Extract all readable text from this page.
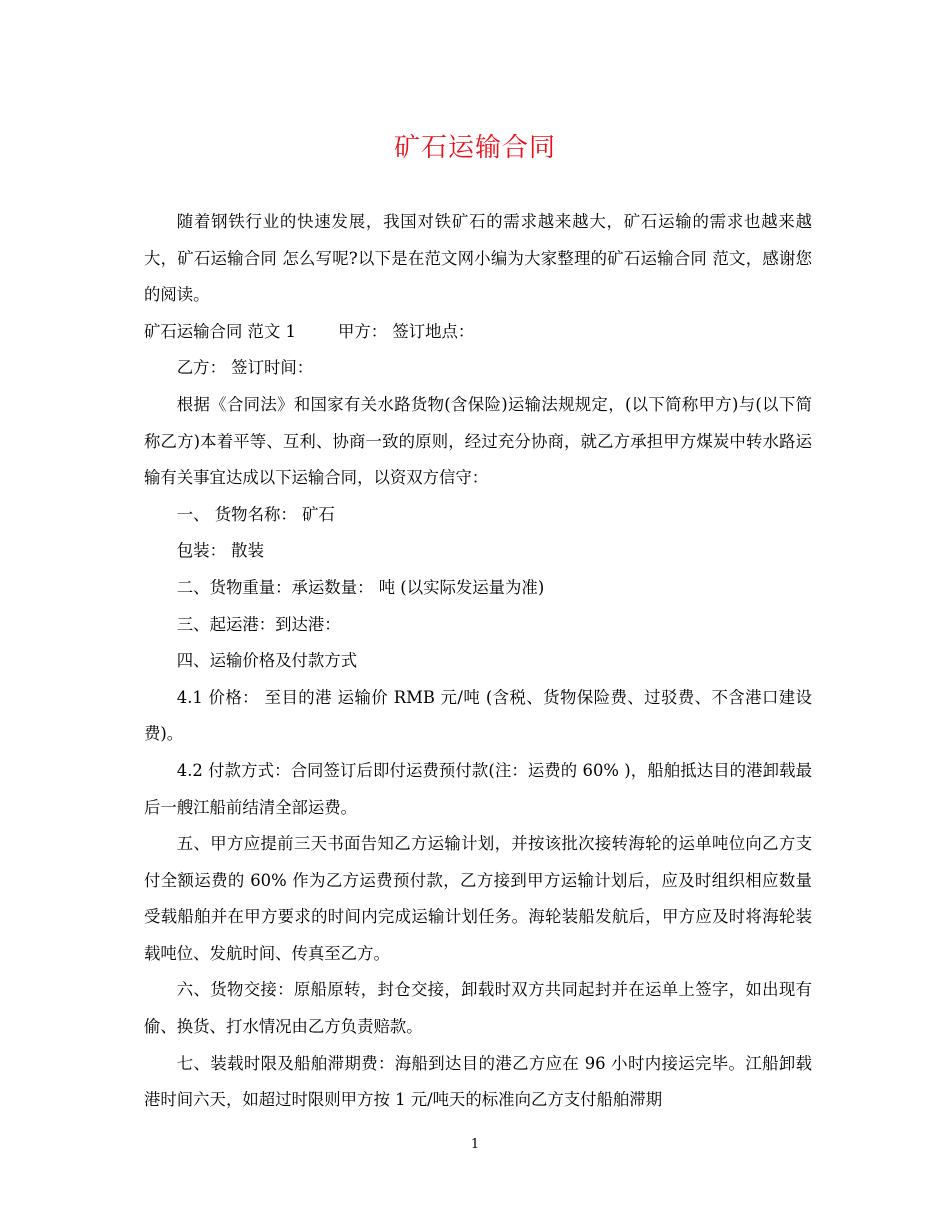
矿石运输合同

随着钢铁行业的快速发展，我国对铁矿石的需求越来越大，矿石运输的需求也越来越大，矿石运输合同 怎么写呢?以下是在范文网小编为大家整理的矿石运输合同 范文，感谢您的阅读。

矿石运输合同 范文 1	甲方： 签订地点：

乙方： 签订时间：

根据《合同法》和国家有关水路货物(含保险)运输法规规定，(以下简称甲方)与(以下简称乙方)本着平等、互利、协商一致的原则，经过充分协商，就乙方承担甲方煤炭中转水路运输有关事宜达成以下运输合同，以资双方信守：

一、 货物名称： 矿石

包装： 散装

二、货物重量：承运数量： 吨 (以实际发运量为准)

三、起运港：到达港：

四、运输价格及付款方式

4.1 价格： 至目的港 运输价 RMB 元/吨 (含税、货物保险费、过驳费、不含港口建设费)。

4.2 付款方式：合同签订后即付运费预付款(注：运费的 60% )，船舶抵达目的港卸载最后一艘江船前结清全部运费。

五、甲方应提前三天书面告知乙方运输计划，并按该批次接转海轮的运单吨位向乙方支付全额运费的 60% 作为乙方运费预付款，乙方接到甲方运输计划后，应及时组织相应数量受载船舶并在甲方要求的时间内完成运输计划任务。海轮装船发航后，甲方应及时将海轮装载吨位、发航时间、传真至乙方。

六、货物交接：原船原转，封仓交接，卸载时双方共同起封并在运单上签字，如出现有偷、换货、打水情况由乙方负责赔款。

七、装载时限及船舶滞期费：海船到达目的港乙方应在 96 小时内接运完毕。江船卸载港时间六天，如超过时限则甲方按 1 元/吨天的标准向乙方支付船舶滞期

1
